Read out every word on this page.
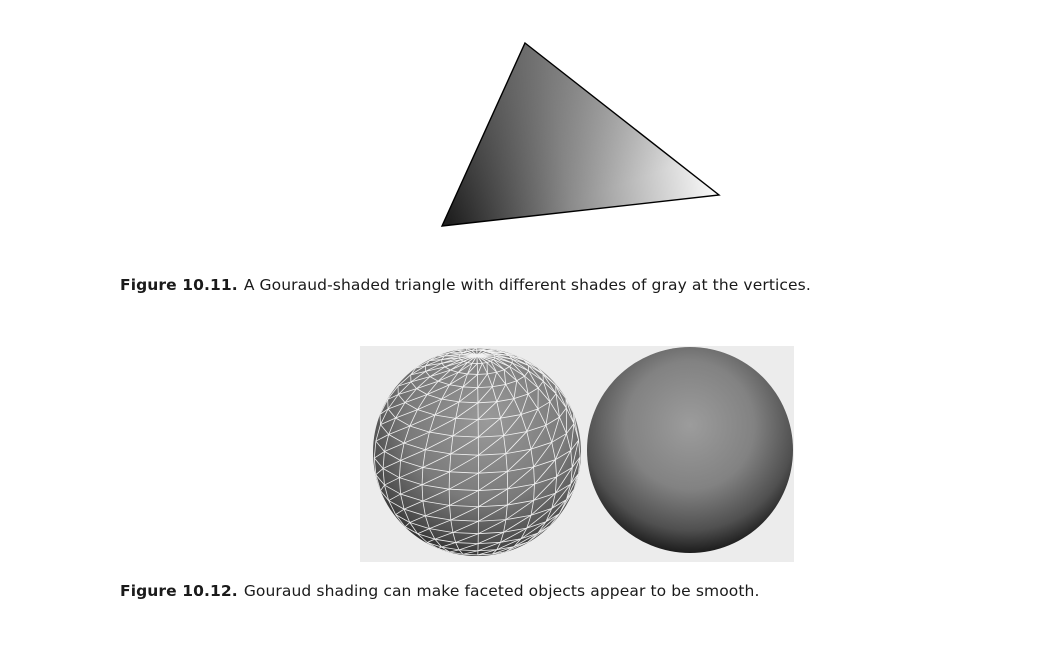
Figure 10.11. A Gouraud-shaded triangle with different shades of gray at the vertices.
Figure 10.12. Gouraud shading can make faceted objects appear to be smooth.
